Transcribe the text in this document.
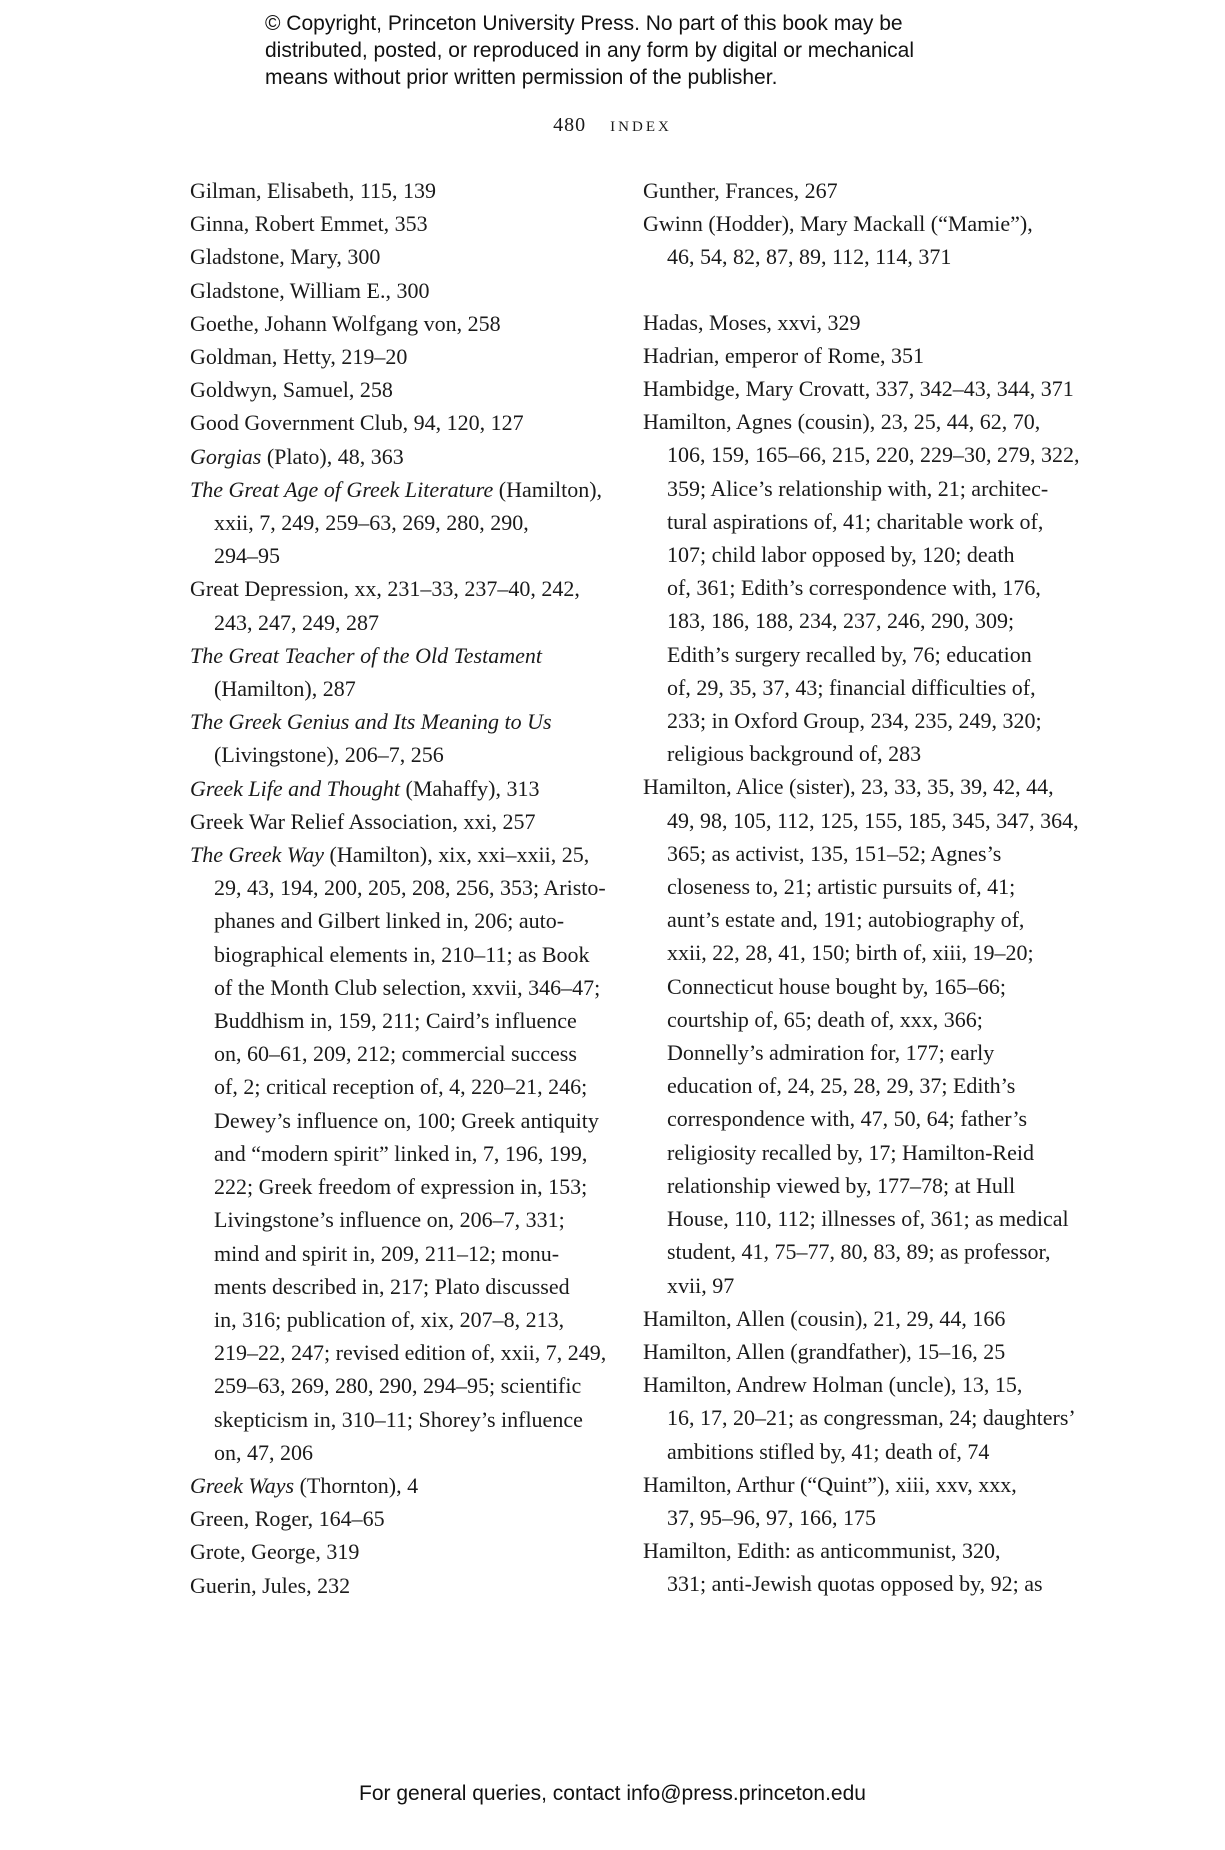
© Copyright, Princeton University Press. No part of this book may be
distributed, posted, or reproduced in any form by digital or mechanical
means without prior written permission of the publisher.
480 index
Gilman, Elisabeth, 115, 139
Ginna, Robert Emmet, 353
Gladstone, Mary, 300
Gladstone, William E., 300
Goethe, Johann Wolfgang von, 258
Goldman, Hetty, 219–20
Goldwyn, Samuel, 258
Good Government Club, 94, 120, 127
Gorgias (Plato), 48, 363
The Great Age of Greek Literature (Hamilton),
xxii, 7, 249, 259–63, 269, 280, 290,
294–95
Great Depression, xx, 231–33, 237–40, 242,
243, 247, 249, 287
The Great Teacher of the Old Testament
(Hamilton), 287
The Greek Genius and Its Meaning to Us
(Livingstone), 206–7, 256
Greek Life and Thought (Mahaffy), 313
Greek War Relief Association, xxi, 257
The Greek Way (Hamilton), xix, xxi–xxii, 25,
29, 43, 194, 200, 205, 208, 256, 353; Aristo-
phanes and Gilbert linked in, 206; auto-
biographical elements in, 210–11; as Book
of the Month Club selection, xxvii, 346–47;
Buddhism in, 159, 211; Caird’s influence
on, 60–61, 209, 212; commercial success
of, 2; critical reception of, 4, 220–21, 246;
Dewey’s influence on, 100; Greek antiquity
and “modern spirit” linked in, 7, 196, 199,
222; Greek freedom of expression in, 153;
Livingstone’s influence on, 206–7, 331;
mind and spirit in, 209, 211–12; monu-
ments described in, 217; Plato discussed
in, 316; publication of, xix, 207–8, 213,
219–22, 247; revised edition of, xxii, 7, 249,
259–63, 269, 280, 290, 294–95; scientific
skepticism in, 310–11; Shorey’s influence
on, 47, 206
Greek Ways (Thornton), 4
Green, Roger, 164–65
Grote, George, 319
Guerin, Jules, 232
Gunther, Frances, 267
Gwinn (Hodder), Mary Mackall (“Mamie”),
46, 54, 82, 87, 89, 112, 114, 371
Hadas, Moses, xxvi, 329
Hadrian, emperor of Rome, 351
Hambidge, Mary Crovatt, 337, 342–43, 344, 371
Hamilton, Agnes (cousin), 23, 25, 44, 62, 70,
106, 159, 165–66, 215, 220, 229–30, 279, 322,
359; Alice’s relationship with, 21; architec-
tural aspirations of, 41; charitable work of,
107; child labor opposed by, 120; death
of, 361; Edith’s correspondence with, 176,
183, 186, 188, 234, 237, 246, 290, 309;
Edith’s surgery recalled by, 76; education
of, 29, 35, 37, 43; financial difficulties of,
233; in Oxford Group, 234, 235, 249, 320;
religious background of, 283
Hamilton, Alice (sister), 23, 33, 35, 39, 42, 44,
49, 98, 105, 112, 125, 155, 185, 345, 347, 364,
365; as activist, 135, 151–52; Agnes’s
closeness to, 21; artistic pursuits of, 41;
aunt’s estate and, 191; autobiography of,
xxii, 22, 28, 41, 150; birth of, xiii, 19–20;
Connecticut house bought by, 165–66;
courtship of, 65; death of, xxx, 366;
Donnelly’s admiration for, 177; early
education of, 24, 25, 28, 29, 37; Edith’s
correspondence with, 47, 50, 64; father’s
religiosity recalled by, 17; Hamilton-Reid
relationship viewed by, 177–78; at Hull
House, 110, 112; illnesses of, 361; as medical
student, 41, 75–77, 80, 83, 89; as professor,
xvii, 97
Hamilton, Allen (cousin), 21, 29, 44, 166
Hamilton, Allen (grandfather), 15–16, 25
Hamilton, Andrew Holman (uncle), 13, 15,
16, 17, 20–21; as congressman, 24; daughters’
ambitions stifled by, 41; death of, 74
Hamilton, Arthur (“Quint”), xiii, xxv, xxx,
37, 95–96, 97, 166, 175
Hamilton, Edith: as anticommunist, 320,
331; anti-Jewish quotas opposed by, 92; as
For general queries, contact info@press.princeton.edu
